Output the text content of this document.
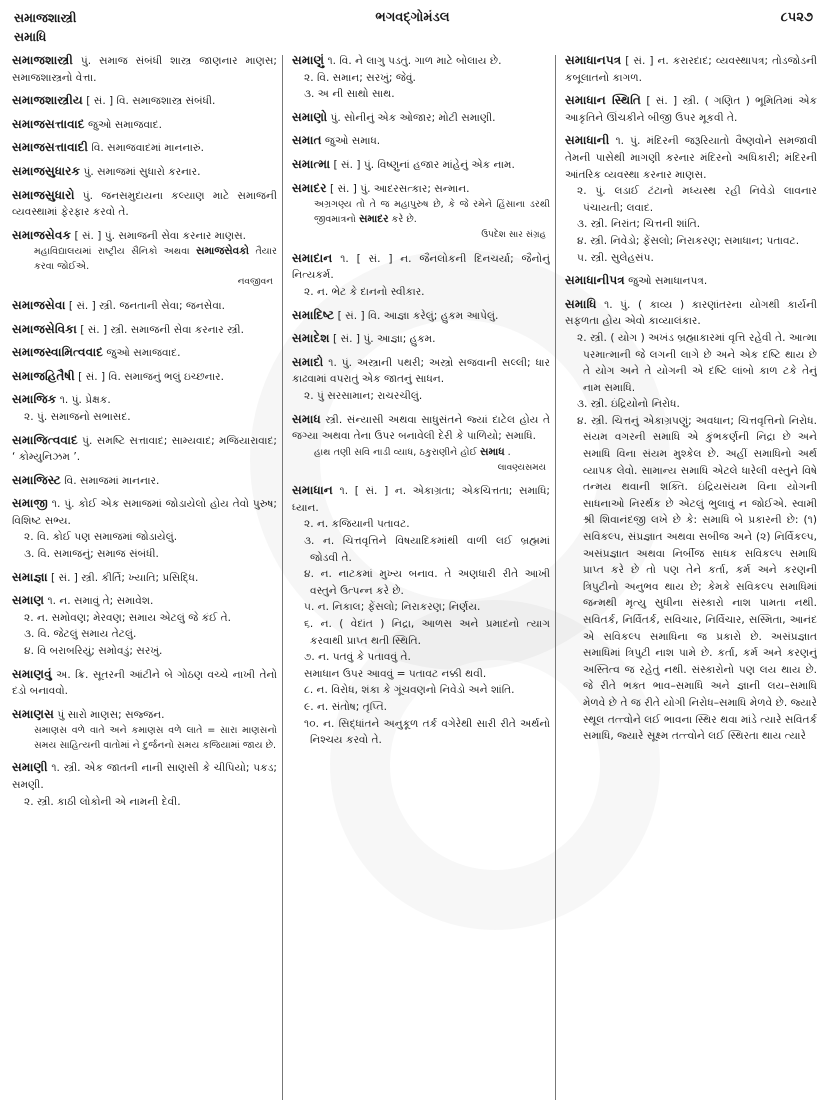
સમાજશાસ્ત્રી
સમાધિ
ભગવદ્ગોમંડલ	૮૫૨૭
સમાજશાસ્ત્રી પું. સમાજ સંબંધી શાસ્ત્ર જાણનાર માણસ; સમાજશાસ્ત્રનો વેત્તા.
સમાજશાસ્ત્રીય [ સં. ] વિ. સમાજશાસ્ત્ર સંબંધી.
સમાજસત્તાવાદ જુઓ સમાજવાદ.
સમાજસત્તાવાદી વિ. સમાજવાદમાં માનનારું.
સમાજસુધારક પું. સમાજમાં સુધારો કરનાર.
સમાજસુધારો પું. જનસમુદાયના કલ્યાણ માટે સમાજની વ્યવસ્થામાં ફેરફાર કરવો તે.
સમાજસેવક [ સં. ] પું. સમાજની સેવા કરનાર માણસ.
મહાવિદ્યાલયમાં રાષ્ટ્રીય સૈનિકો અથવા સમાજસેવકો તૈયાર કરવા જોઈએ.
નવજીવન
સમાજસેવા [ સં. ] સ્ત્રી. જનતાની સેવા; જનસેવા.
સમાજસેવિકા [ સં. ] સ્ત્રી. સમાજની સેવા કરનાર સ્ત્રી.
સમાજસ્વામિત્વવાદ જુઓ સમાજવાદ.
સમાજહિતૈષી [ સં. ] વિ. સમાજનું ભલું ઇચ્છનાર.
સમાજિક ૧. પું. પ્રેક્ષક.
૨. પું. સમાજનો સભાસદ.
સમાજિત્વવાદ પું. સમષ્ટિ સત્તાવાદ; સામ્યવાદ; મજિયારાવાદ; ‘ કોમ્યુનિઝમ ’.
સમાજિસ્ટ વિ. સમાજમાં માનનાર.
સમાજી ૧. પું. કોઈ એક સમાજમાં જોડાયેલો હોય તેવો પુરુષ; વિશિષ્ટ સભ્ય.
૨. વિ. કોઈ પણ સમાજમાં જોડાયેલું.
૩. વિ. સમાજનું; સમાજ સંબંધી.
સમાજ્ઞા [ સં. ] સ્ત્રી. કીર્તિ; ખ્યાતિ; પ્રસિદ્ધિ.
સમાણ ૧. ન. સમાવું તે; સમાવેશ.
૨. ન. સમોવણ; મેરવણ; સમાય એટલું જે કંઈ તે.
૩. વિ. જેટલું સમાય તેટલું.
૪. વિ બરાબરિયું; સમોવડું; સરખું.
સમાણવું અ. ક્રિ. સૂતરની આંટીને બે ગોઠણ વચ્ચે નાખી તેનો દડો બનાવવો.
સમાણસ પું સારો માણસ; સજ્જન.
સમાણસ વળે વાતે અને કમાણસ વળે લાતે = સારા માણસનો સમય સાહિત્યની વાતોમાં ને દુર્જનનો સમય કજિયામાં જાય છે.
સમાણી ૧. સ્ત્રી. એક જાતની નાની સાણસી કે ચીપિયો; પકડ; સમણી.
૨. સ્ત્રી. કાઠી લોકોની એ નામની દેવી.
સમાણું ૧. વિ. ને લાગુ પડતું. ગાળ માટે બોલાય છે.
૨. વિ. સમાન; સરખું; જેવું.
૩. અ ની સાથો સાથ.
સમાણો પું. સોનીનું એક ઓજાર; મોટી સમાણી.
સમાત જુઓ સમાધ.
સમાત્મા [ સં. ] પું. વિષ્ણુનાં હજાર માંહેનું એક નામ.
સમાદર [ સં. ] પું. આદરસત્કાર; સન્માન.
અગ્રગણ્ય તો તે જ મહાપુરુષ છે, કે જે રમેને હિંસાના ડરથી જીવમાત્રનો સમાદર કરે છે.
ઉપદેશ સાર સંગ્રહ
સમાદાન ૧. [ સં. ] ન. જૈનલોકની દિનચર્યા; જૈનોનું નિત્યકર્મ.
૨. ન. ભેટ કે દાનનો સ્વીકાર.
સમાદિષ્ટ [ સં. ] વિ. આજ્ઞા કરેલું; હુકમ આપેલું.
સમાદેશ [ સં. ] પું. આજ્ઞા; હુકમ.
સમાદો ૧. પું. અસ્ત્રાની પથરી; અસ્ત્રો સજવાની સલ્લી; ધાર કાઢવામાં વપરાતું એક જાતનું સાધન.
૨. પું સરસામાન; રાચરચીલું.
સમાધ સ્ત્રી. સંન્યાસી અથવા સાધુસંતને જ્યાં દાટેલ હોય તે જગ્યા અથવા તેના ઉપર બનાવેલી દેરી કે પાળિયો; સમાધિ.
હાથ તણી સવિ નાડી વ્યાધ, ઠકુરાણીને હોઈ સમાધ .
લાવણ્યસમય
સમાધાન ૧. [ સં. ] ન. એકાગ્રતા; એકચિત્તતા; સમાધિ; ધ્યાન.
૨. ન. કજિયાની પતાવટ.
૩. ન. ચિત્તવૃત્તિને વિષયાદિકમાંથી વાળી લઈ બ્રહ્મમાં જોડવી તે.
૪. ન. નાટકમાં મુખ્ય બનાવ. તે અણધારી રીતે આખી વસ્તુને ઉત્પન્ન કરે છે.
૫. ન. નિકાલ; ફેંસલો; નિરાકરણ; નિર્ણય.
૬. ન. ( વેદાંત ) નિદ્રા, આળસ અને પ્રમાદનો ત્યાગ કરવાથી પ્રાપ્ત થતી સ્થિતિ.
૭. ન. પતવું કે પતાવવું તે.
સમાધાન ઉપર આવવું = પતાવટ નક્કી થવી.
૮. ન. વિરોધ, શંકા કે ગૂંચવણનો નિવેડો અને શાંતિ.
૯. ન. સંતોષ; તૃપ્તિ.
૧૦. ન. સિદ્ધાંતને અનુકૂળ તર્ક વગેરેથી સારી રીતે અર્થનો નિશ્ચય કરવો તે.
સમાધાનપત્ર [ સં. ] ન. કરારદાદ; વ્યવસ્થાપત્ર; તોડજોડની કબૂલાતનો કાગળ.
સમાધાન સ્થિતિ [ સં. ] સ્ત્રી. ( ગણિત ) ભૂમિતિમાં એક આકૃતિને ઊંચકીને બીજી ઉપર મૂકવી તે.
સમાધાની ૧. પું. મંદિરની જરૂરિયાતો વૈષ્ણવોને સમજાવી તેમની પાસેથી માગણી કરનાર મંદિરનો અધિકારી; મંદિરની આંતરિક વ્યવસ્થા કરનાર માણસ.
૨. પું. લડાઈ ટંટાનો મધ્યસ્થ રહી નિવેડો લાવનાર પંચાયતી; લવાદ.
૩. સ્ત્રી. નિરાંત; ચિત્તની શાંતિ.
૪. સ્ત્રી. નિવેડો; ફેંસલો; નિરાકરણ; સમાધાન; પતાવટ.
૫. સ્ત્રી. સુલેહસંપ.
સમાધાનીપત્ર જુઓ સમાધાનપત્ર.
સમાધિ ૧. પું. ( કાવ્ય ) કારણાંતરના યોગથી કાર્યની સફળતા હોય એવો કાવ્યાલંકાર.
૨. સ્ત્રી. ( યોગ ) અખંડ બ્રહ્માકારમાં વૃત્તિ રહેવી તે. આત્મા પરમાત્માની જે લગની લાગે છે અને એક દષ્ટિ થાય છે તે યોગ અને તે યોગની એ દષ્ટિ લાંબો કાળ ટકે તેનું નામ સમાધિ.
૩. સ્ત્રી. ઇંદ્રિયોનો નિરોધ.
૪. સ્ત્રી. ચિત્તનું એકાગ્રપણું; અવધાન; ચિત્તવૃત્તિનો નિરોધ. સંયમ વગરની સમાધિ એ કુંભકર્ણની નિદ્રા છે અને સમાધિ વિના સંયમ મુશ્કેલ છે. અહીં સમાધિનો અર્થ વ્યાપક લેવો. સામાન્ય સમાધિ એટલે ધારેલી વસ્તુને વિષે તન્મય થવાની શક્તિ. ઇંદ્રિયસંયમ વિના યોગની સાધનાઓ નિરર્થક છે એટલું ભુલાવું ન જોઈએ. સ્વામી શ્રી શિવાનંદજી લખે છે કે: સમાધિ બે પ્રકારની છે: (૧) સવિકલ્પ, સંપ્રજ્ઞાત અથવા સબીજ અને (૨) નિર્વિકલ્પ, અસંપ્રજ્ઞાત અથવા નિર્બીજ સાધક સવિકલ્પ સમાધિ પ્રાપ્ત કરે છે તો પણ તેને કર્તા, કર્મ અને કરણની ત્રિપુટીનો અનુભવ થાય છે; કેમકે સવિકલ્પ સમાધિમાં જન્મથી મૃત્યુ સુધીના સંસ્કારો નાશ પામતા નથી. સવિતર્ક, નિર્વિતર્ક, સવિચાર, નિર્વિચાર, સસ્મિતા, આનંદ એ સવિકલ્પ સમાધિના જ પ્રકારો છે. અસંપ્રજ્ઞાત સમાધિમાં ત્રિપુટી નાશ પામે છે. કર્તા, કર્મ અને કરણનું અસ્તિત્વ જ રહેતું નથી. સંસ્કારોનો પણ લય થાય છે. જે રીતે ભક્ત ભાવ–સમાધિ અને જ્ઞાની લય–સમાધિ મેળવે છે તે જ રીતે યોગી નિરોધ–સમાધિ મેળવે છે. જ્યારે સ્થૂલ તત્ત્વોને લઈ ભાવના સ્થિર થવા માંડે ત્યારે સવિતર્ક સમાધિ, જ્યારે સૂક્ષ્મ તત્ત્વોને લઈ સ્થિરતા થાય ત્યારે
